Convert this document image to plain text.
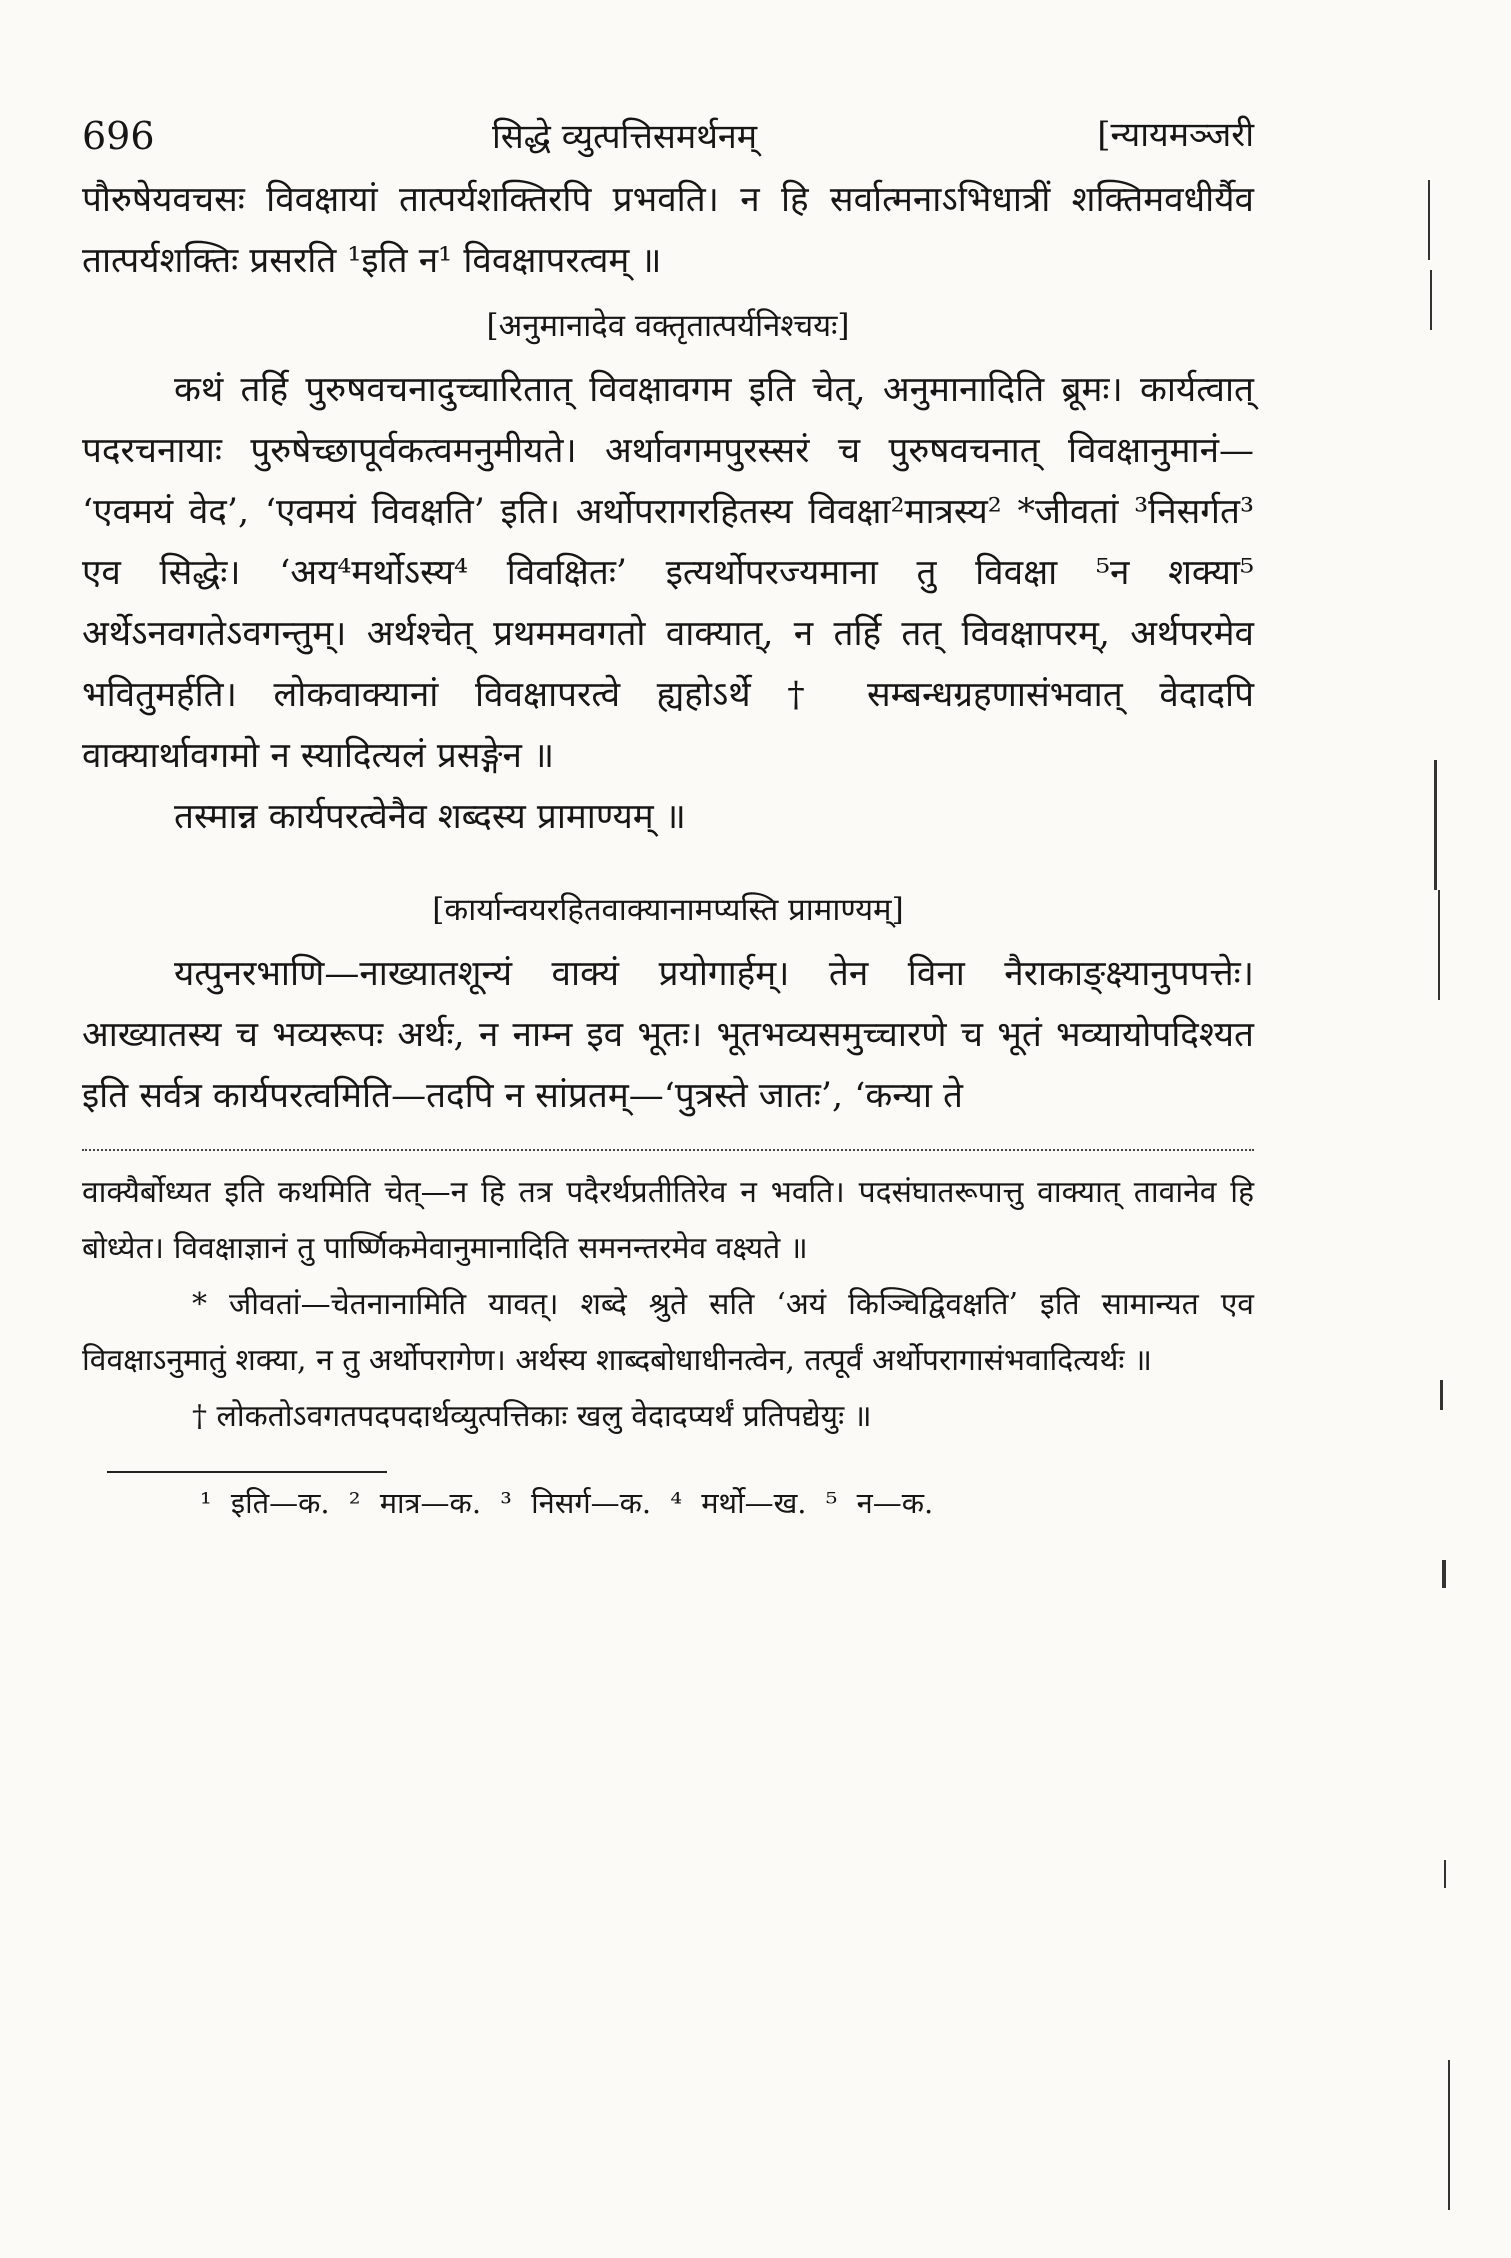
696	सिद्धे व्युत्पत्तिसमर्थनम्	[न्यायमञ्जरी

पौरुषेयवचसः विवक्षायां तात्पर्यशक्तिरपि प्रभवति। न हि सर्वात्मनाऽभिधात्रीं शक्तिमवधीर्यैव तात्पर्यशक्तिः प्रसरति ¹इति न¹ विवक्षापरत्वम् ॥

[अनुमानादेव वक्तृतात्पर्यनिश्चयः]

कथं तर्हि पुरुषवचनादुच्चारितात् विवक्षावगम इति चेत्, अनुमानादिति ब्रूमः। कार्यत्वात् पदरचनायाः पुरुषेच्छापूर्वकत्वमनुमीयते। अर्थावगमपुरस्सरं च पुरुषवचनात् विवक्षानुमानं— ‘एवमयं वेद’, ‘एवमयं विवक्षति’ इति। अर्थोपरागरहितस्य विवक्षा²मात्रस्य² *जीवतां ³निसर्गत³ एव सिद्धेः। ‘अय⁴मर्थोऽस्य⁴ विवक्षितः’ इत्यर्थोपरज्यमाना तु विवक्षा ⁵न शक्या⁵ अर्थेऽनवगतेऽवगन्तुम्। अर्थश्चेत् प्रथममवगतो वाक्यात्, न तर्हि तत् विवक्षापरम्, अर्थपरमेव भवितुमर्हति। लोकवाक्यानां विवक्षापरत्वे ह्यहोऽर्थे † सम्बन्धग्रहणासंभवात् वेदादपि वाक्यार्थावगमो न स्यादित्यलं प्रसङ्गेन ॥

तस्मान्न कार्यपरत्वेनैव शब्दस्य प्रामाण्यम् ॥

[कार्यान्वयरहितवाक्यानामप्यस्ति प्रामाण्यम्]

यत्पुनरभाणि—नाख्यातशून्यं वाक्यं प्रयोगार्हम्। तेन विना नैराकाङ्क्ष्यानुपपत्तेः। आख्यातस्य च भव्यरूपः अर्थः, न नाम्न इव भूतः। भूतभव्यसमुच्चारणे च भूतं भव्यायोपदिश्यत इति सर्वत्र कार्यपरत्वमिति—तदपि न सांप्रतम्—‘पुत्रस्ते जातः’, ‘कन्या ते

वाक्यैर्बोध्यत इति कथमिति चेत्—न हि तत्र पदैरर्थप्रतीतिरेव न भवति। पदसंघातरूपात्तु वाक्यात् तावानेव हि बोध्येत। विवक्षाज्ञानं तु पार्ष्णिकमेवानुमानादिति समनन्तरमेव वक्ष्यते ॥

* जीवतां—चेतनानामिति यावत्। शब्दे श्रुते सति ‘अयं किञ्चिद्विवक्षति’ इति सामान्यत एव विवक्षाऽनुमातुं शक्या, न तु अर्थोपरागेण। अर्थस्य शाब्दबोधाधीनत्वेन, तत्पूर्वं अर्थोपरागासंभवादित्यर्थः ॥

† लोकतोऽवगतपदपदार्थव्युत्पत्तिकाः खलु वेदादप्यर्थं प्रतिपद्येयुः ॥

¹ इति—क. ² मात्र—क. ³ निसर्ग—क. ⁴ मर्थो—ख. ⁵ न—क.
